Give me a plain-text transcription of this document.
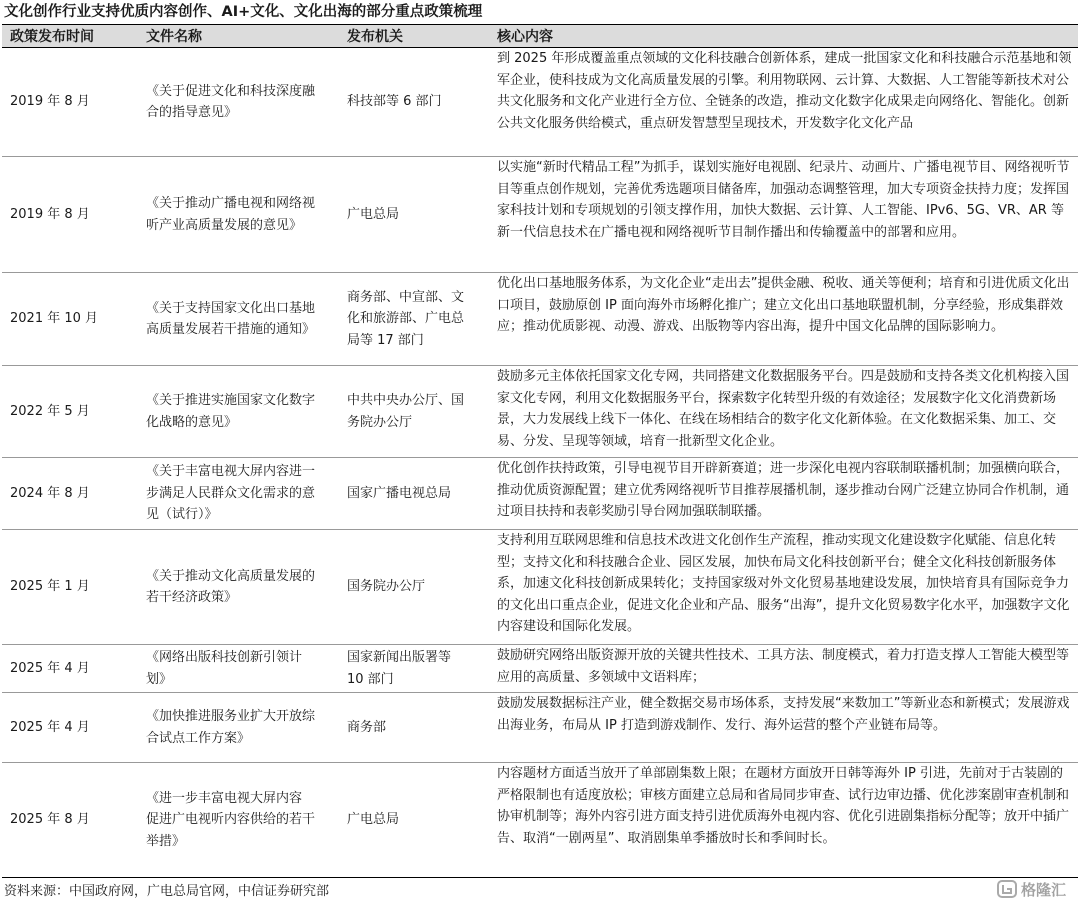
文化创作行业支持优质内容创作、AI+文化、文化出海的部分重点政策梳理
政策发布时间	文件名称	发布机关	核心内容
2019 年 8 月	《关于促进文化和科技深度融合的指导意见》	科技部等 6 部门	到 2025 年形成覆盖重点领域的文化科技融合创新体系，建成一批国家文化和科技融合示范基地和领军企业，使科技成为文化高质量发展的引擎。利用物联网、云计算、大数据、人工智能等新技术对公共文化服务和文化产业进行全方位、全链条的改造，推动文化数字化成果走向网络化、智能化。创新公共文化服务供给模式，重点研发智慧型呈现技术，开发数字化文化产品
2019 年 8 月	《关于推动广播电视和网络视听产业高质量发展的意见》	广电总局	以实施“新时代精品工程”为抓手，谋划实施好电视剧、纪录片、动画片、广播电视节目、网络视听节目等重点创作规划，完善优秀选题项目储备库，加强动态调整管理，加大专项资金扶持力度；发挥国家科技计划和专项规划的引领支撑作用，加快大数据、云计算、人工智能、IPv6、5G、VR、AR 等新一代信息技术在广播电视和网络视听节目制作播出和传输覆盖中的部署和应用。
2021 年 10 月	《关于支持国家文化出口基地高质量发展若干措施的通知》	商务部、中宣部、文化和旅游部、广电总局等 17 部门	优化出口基地服务体系，为文化企业“走出去”提供金融、税收、通关等便利；培育和引进优质文化出口项目，鼓励原创 IP 面向海外市场孵化推广；建立文化出口基地联盟机制，分享经验，形成集群效应；推动优质影视、动漫、游戏、出版物等内容出海，提升中国文化品牌的国际影响力。
2022 年 5 月	《关于推进实施国家文化数字化战略的意见》	中共中央办公厅、国务院办公厅	鼓励多元主体依托国家文化专网，共同搭建文化数据服务平台。四是鼓励和支持各类文化机构接入国家文化专网，利用文化数据服务平台，探索数字化转型升级的有效途径；发展数字化文化消费新场景，大力发展线上线下一体化、在线在场相结合的数字化文化新体验。在文化数据采集、加工、交易、分发、呈现等领域，培育一批新型文化企业。
2024 年 8 月	《关于丰富电视大屏内容进一步满足人民群众文化需求的意见（试行）》	国家广播电视总局	优化创作扶持政策，引导电视节目开辟新赛道；进一步深化电视内容联制联播机制；加强横向联合，推动优质资源配置；建立优秀网络视听节目推荐展播机制，逐步推动台网广泛建立协同合作机制，通过项目扶持和表彰奖励引导台网加强联制联播。
2025 年 1 月	《关于推动文化高质量发展的若干经济政策》	国务院办公厅	支持利用互联网思维和信息技术改进文化创作生产流程，推动实现文化建设数字化赋能、信息化转型；支持文化和科技融合企业、园区发展，加快布局文化科技创新平台；健全文化科技创新服务体系，加速文化科技创新成果转化；支持国家级对外文化贸易基地建设发展，加快培育具有国际竞争力的文化出口重点企业，促进文化企业和产品、服务“出海”，提升文化贸易数字化水平，加强数字文化内容建设和国际化发展。
2025 年 4 月	《网络出版科技创新引领计划》	国家新闻出版署等 10 部门	鼓励研究网络出版资源开放的关键共性技术、工具方法、制度模式，着力打造支撑人工智能大模型等应用的高质量、多领域中文语料库；
2025 年 4 月	《加快推进服务业扩大开放综合试点工作方案》	商务部	鼓励发展数据标注产业，健全数据交易市场体系，支持发展“来数加工”等新业态和新模式；发展游戏出海业务，布局从 IP 打造到游戏制作、发行、海外运营的整个产业链布局等。
2025 年 8 月	《进一步丰富电视大屏内容 促进广电视听内容供给的若干举措》	广电总局	内容题材方面适当放开了单部剧集数上限；在题材方面放开日韩等海外 IP 引进，先前对于古装剧的严格限制也有适度放松；审核方面建立总局和省局同步审查、试行边审边播、优化涉案剧审查机制和协审机制等；海外内容引进方面支持引进优质海外电视内容、优化引进剧集指标分配等；放开中插广告、取消“一剧两星”、取消剧集单季播放时长和季间时长。
资料来源：中国政府网，广电总局官网，中信证券研究部	格隆汇
